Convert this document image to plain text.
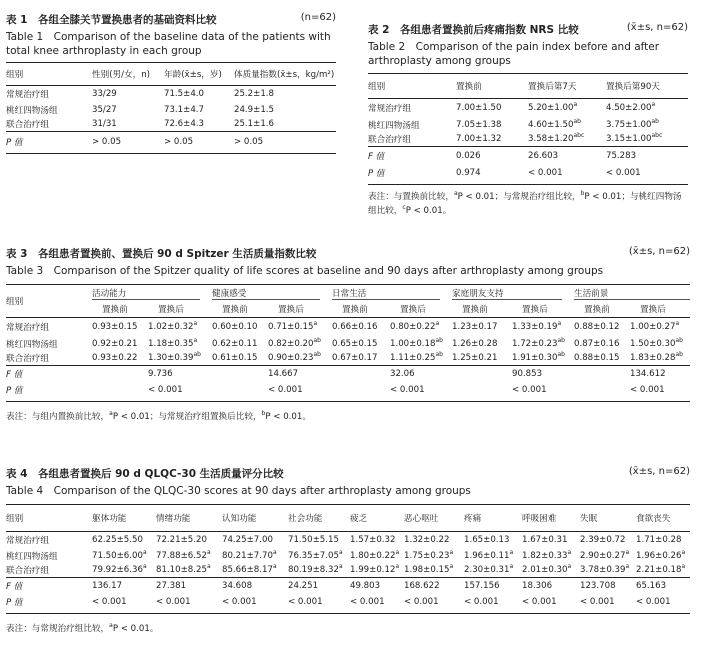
表 1　各组全膝关节置换患者的基础资料比较	(n=62)
Table 1　Comparison of the baseline data of the patients with total knee arthroplasty in each group
组别	性别(男/女，n)	年龄(x̄±s，岁)	体质量指数(x̄±s，kg/m²)
常规治疗组	33/29	71.5±4.0	25.2±1.8
桃红四物汤组	35/27	73.1±4.7	24.9±1.5
联合治疗组	31/31	72.6±4.3	25.1±1.6
P 值	> 0.05	> 0.05	> 0.05
表 2　各组患者置换前后疼痛指数 NRS 比较	(x̄±s, n=62)
Table 2　Comparison of the pain index before and after arthroplasty among groups
组别	置换前	置换后第7天	置换后第90天
常规治疗组	7.00±1.50	5.20±1.00$^a$	4.50±2.00$^a$
桃红四物汤组	7.05±1.38	4.60±1.50$^{ab}$	3.75±1.00$^{ab}$
联合治疗组	7.00±1.32	3.58±1.20$^{abc}$	3.15±1.00$^{abc}$
F 值	0.026	26.603	75.283
P 值	0.974	< 0.001	< 0.001
表注：与置换前比较，$^a$P < 0.01；与常规治疗组比较，$^b$P < 0.01；与桃红四物汤组比较，$^c$P < 0.01。
表 3　各组患者置换前、置换后 90 d Spitzer 生活质量指数比较	(x̄±s, n=62)
Table 3　Comparison of the Spitzer quality of life scores at baseline and 90 days after arthroplasty among groups
组别	活动能力		健康感受		日常生活		家庭朋友支持		生活前景	

	置换前	置换后	置换前	置换后	置换前	置换后	置换前	置换后	置换前	置换后
常规治疗组	0.93±0.15	1.02±0.32$^a$	0.60±0.10	0.71±0.15$^a$	0.66±0.16	0.80±0.22$^a$	1.23±0.17	1.33±0.19$^a$	0.88±0.12	1.00±0.27$^a$
桃红四物汤组	0.92±0.21	1.18±0.35$^a$	0.62±0.11	0.82±0.20$^{ab}$	0.65±0.15	1.00±0.18$^{ab}$	1.26±0.28	1.72±0.23$^{ab}$	0.87±0.16	1.50±0.30$^{ab}$
联合治疗组	0.93±0.22	1.30±0.39$^{ab}$	0.61±0.15	0.90±0.23$^{ab}$	0.67±0.17	1.11±0.25$^{ab}$	1.25±0.21	1.91±0.30$^{ab}$	0.88±0.15	1.83±0.28$^{ab}$
F 值		9.736		14.667		32.06		90.853		134.612
P 值		< 0.001		< 0.001		< 0.001		< 0.001		< 0.001
表注：与组内置换前比较，$^a$P < 0.01；与常规治疗组置换后比较，$^b$P < 0.01。
表 4　各组患者置换后 90 d QLQC-30 生活质量评分比较	(x̄±s, n=62)
Table 4　Comparison of the QLQC-30 scores at 90 days after arthroplasty among groups
组别	躯体功能	情绪功能	认知功能	社会功能	疲乏	恶心呕吐	疼痛	呼吸困难	失眠	食欲丧失
常规治疗组	62.25±5.50	72.21±5.20	74.25±7.00	71.50±5.15	1.57±0.32	1.32±0.22	1.65±0.13	1.67±0.31	2.39±0.72	1.71±0.28
桃红四物汤组	71.50±6.00$^a$	77.88±6.52$^a$	80.21±7.70$^a$	76.35±7.05$^a$	1.80±0.22$^a$	1.75±0.23$^a$	1.96±0.11$^a$	1.82±0.33$^a$	2.90±0.27$^a$	1.96±0.26$^a$
联合治疗组	79.92±6.36$^a$	81.10±8.25$^a$	85.66±8.17$^a$	80.19±8.32$^a$	1.99±0.12$^a$	1.98±0.15$^a$	2.30±0.31$^a$	2.01±0.30$^a$	3.78±0.39$^a$	2.21±0.18$^a$
F 值	136.17	27.381	34.608	24.251	49.803	168.622	157.156	18.306	123.708	65.163
P 值	< 0.001	< 0.001	< 0.001	< 0.001	< 0.001	< 0.001	< 0.001	< 0.001	< 0.001	< 0.001
表注：与常规治疗组比较，$^a$P < 0.01。
